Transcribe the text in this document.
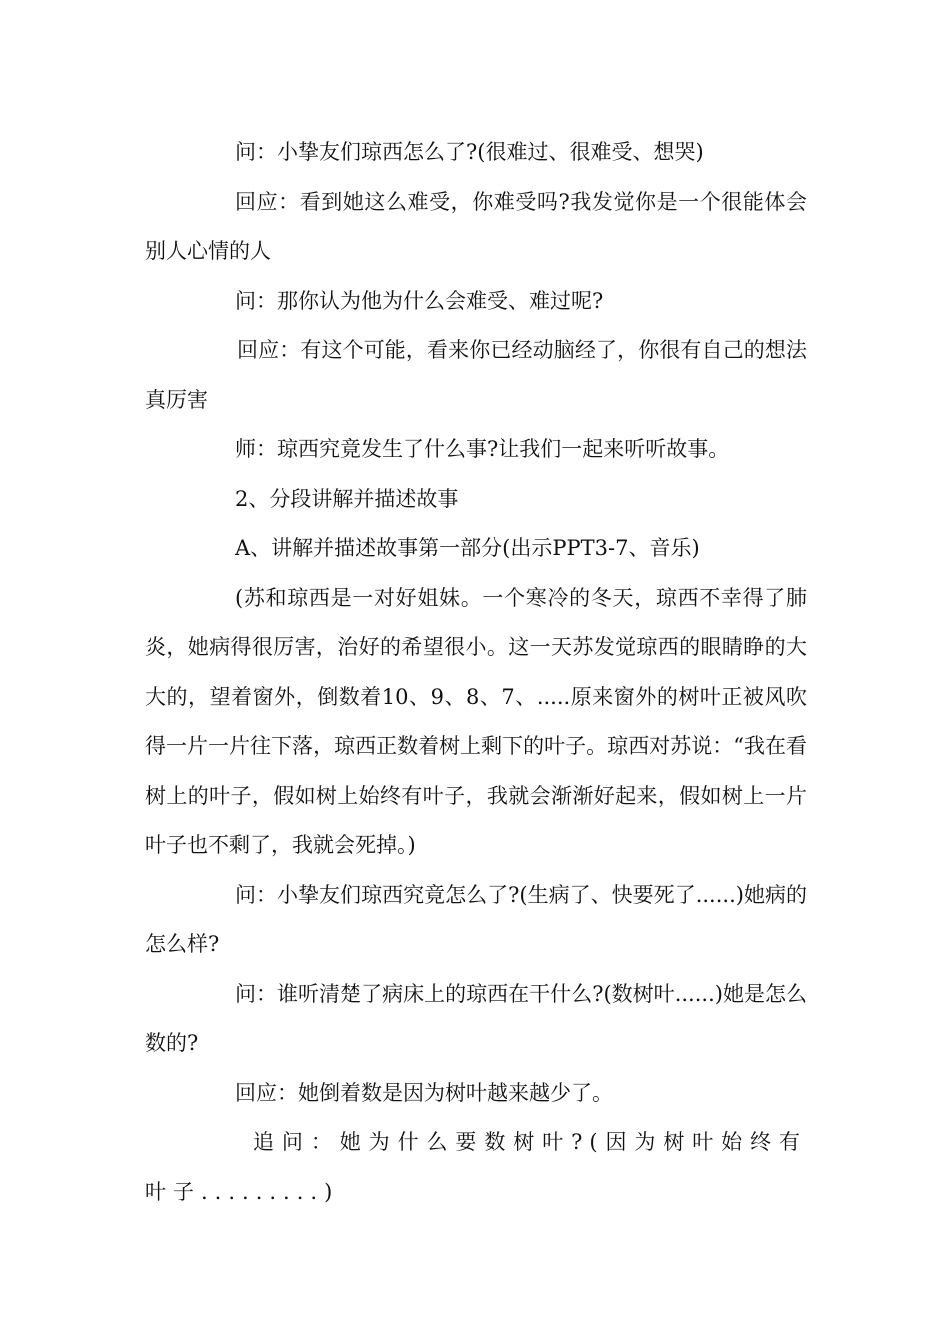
问：小挚友们琼西怎么了?(很难过、很难受、想哭)

回应：看到她这么难受，你难受吗?我发觉你是一个很能体会别人心情的人

问：那你认为他为什么会难受、难过呢?

回应：有这个可能，看来你已经动脑经了，你很有自己的想法真厉害

师：琼西究竟发生了什么事?让我们一起来听听故事。

2、分段讲解并描述故事

A、讲解并描述故事第一部分(出示PPT3-7、音乐)

(苏和琼西是一对好姐妹。一个寒冷的冬天，琼西不幸得了肺炎，她病得很厉害，治好的希望很小。这一天苏发觉琼西的眼睛睁的大大的，望着窗外，倒数着10、9、8、7、.....原来窗外的树叶正被风吹得一片一片往下落，琼西正数着树上剩下的叶子。琼西对苏说：“我在看树上的叶子，假如树上始终有叶子，我就会渐渐好起来，假如树上一片叶子也不剩了，我就会死掉。)

问：小挚友们琼西究竟怎么了?(生病了、快要死了......)她病的怎么样?

问：谁听清楚了病床上的琼西在干什么?(数树叶......)她是怎么数的?

回应：她倒着数是因为树叶越来越少了。

追问：她为什么要数树叶?(因为树叶始终有叶子.........)
